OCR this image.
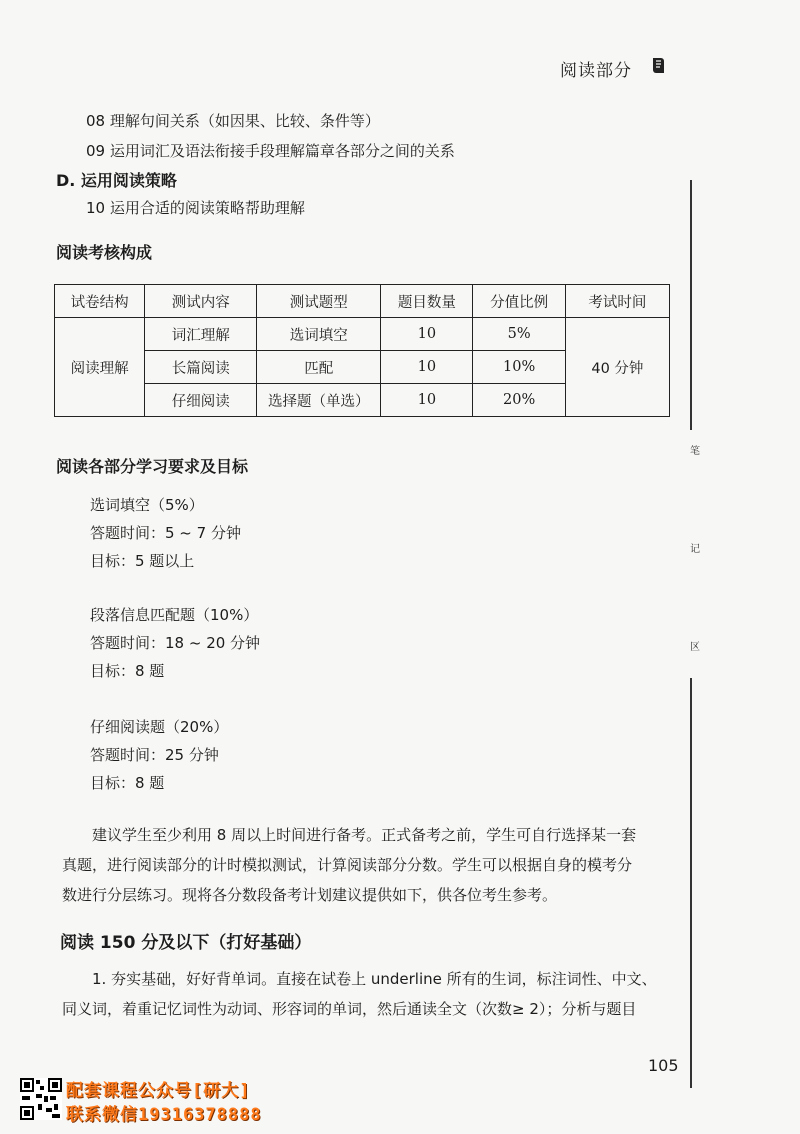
阅读部分
08 理解句间关系（如因果、比较、条件等）
09 运用词汇及语法衔接手段理解篇章各部分之间的关系
D. 运用阅读策略
10 运用合适的阅读策略帮助理解
阅读考核构成
试卷结构	测试内容	测试题型	题目数量	分值比例	考试时间
阅读理解	词汇理解	选词填空	10	5%	40 分钟
	长篇阅读	匹配	10	10%	
	仔细阅读	选择题（单选）	10	20%	
阅读各部分学习要求及目标
选词填空（5%）
答题时间：5 ~ 7 分钟
目标：5 题以上
段落信息匹配题（10%）
答题时间：18 ~ 20 分钟
目标：8 题
仔细阅读题（20%）
答题时间：25 分钟
目标：8 题
建议学生至少利用 8 周以上时间进行备考。正式备考之前，学生可自行选择某一套
真题，进行阅读部分的计时模拟测试，计算阅读部分分数。学生可以根据自身的模考分
数进行分层练习。现将各分数段备考计划建议提供如下，供各位考生参考。
阅读 150 分及以下（打好基础）
1. 夯实基础，好好背单词。直接在试卷上 underline 所有的生词，标注词性、中文、
同义词，着重记忆词性为动词、形容词的单词，然后通读全文（次数≥ 2）；分析与题目
笔
记
区
105
配套课程公众号[研大]
联系微信19316378888
